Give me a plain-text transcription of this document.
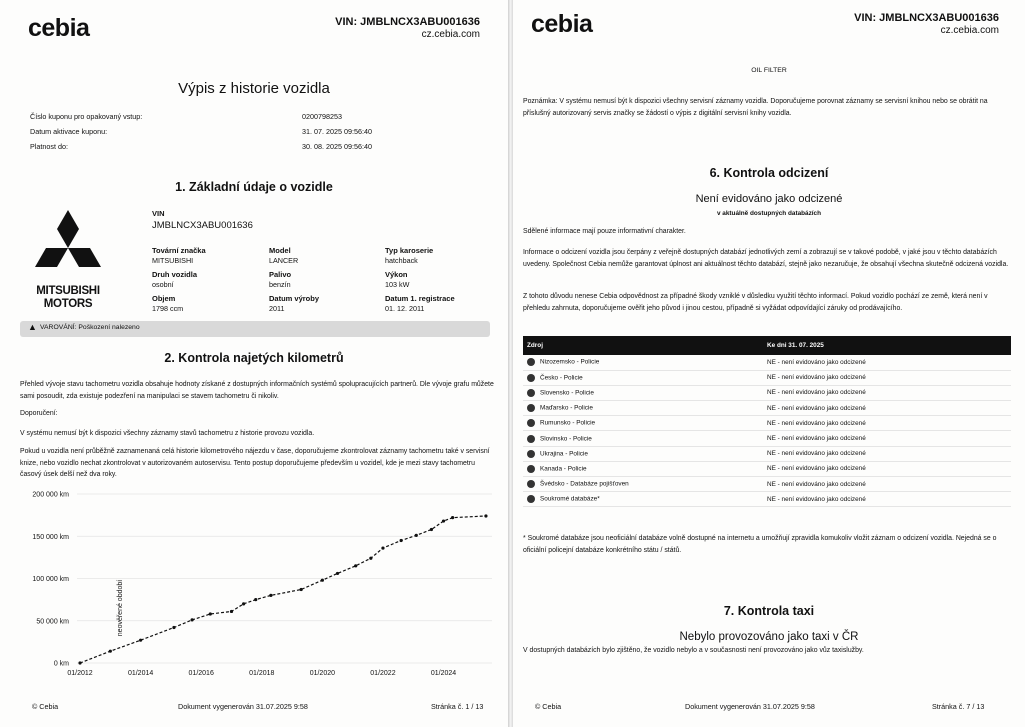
cebia	VIN: JMBLNCX3ABU001636
cz.cebia.com
Výpis z historie vozidla
Číslo kuponu pro opakovaný vstup:	0200798253
Datum aktivace kuponu:	31. 07. 2025 09:56:40
Platnost do:	30. 08. 2025 09:56:40
1. Základní údaje o vozidle
MITSUBISHI MOTORS
VIN
JMBLNCX3ABU001636
Tovární značka
MITSUBISHI
Model
LANCER
Typ karoserie
hatchback
Druh vozidla
osobní
Palivo
benzín
Výkon
103 kW
Objem
1798 ccm
Datum výroby
2011
Datum 1. registrace
01. 12. 2011
▲ VAROVÁNÍ: Poškození nalezeno
2. Kontrola najetých kilometrů
Přehled vývoje stavu tachometru vozidla obsahuje hodnoty získané z dostupných informačních systémů spolupracujících partnerů. Dle vývoje grafu můžete sami posoudit, zda existuje podezření na manipulaci se stavem tachometru či nikoliv.
Doporučení:
V systému nemusí být k dispozici všechny záznamy stavů tachometru z historie provozu vozidla.
Pokud u vozidla není průběžně zaznamenaná celá historie kilometrového nájezdu v čase, doporučujeme zkontrolovat záznamy tachometru také v servisní knize, nebo vozidlo nechat zkontrolovat v autorizovaném autoservisu. Tento postup doporučujeme především u vozidel, kde je mezi stavy tachometru časový úsek delší než dva roky.
0 km
50 000 km
100 000 km
150 000 km
200 000 km
01/2012	01/2014	01/2016	01/2018	01/2020	01/2022	01/2024
neověřené období
© Cebia	Dokument vygenerován 31.07.2025 9:58	Stránka č. 1 / 13
cebia	VIN: JMBLNCX3ABU001636
cz.cebia.com
OIL FILTER
Poznámka: V systému nemusí být k dispozici všechny servisní záznamy vozidla. Doporučujeme porovnat záznamy se servisní knihou nebo se obrátit na příslušný autorizovaný servis značky se žádostí o výpis z digitální servisní knihy vozidla.
6. Kontrola odcizení
Není evidováno jako odcizené
v aktuálně dostupných databázích
Sdělené informace mají pouze informativní charakter.
Informace o odcizení vozidla jsou čerpány z veřejně dostupných databází jednotlivých zemí a zobrazují se v takové podobě, v jaké jsou v těchto databázích uvedeny. Společnost Cebia nemůže garantovat úplnost ani aktuálnost těchto databází, stejně jako nezaručuje, že obsahují všechna skutečně odcizená vozidla.
Z tohoto důvodu nenese Cebia odpovědnost za případné škody vzniklé v důsledku využití těchto informací. Pokud vozidlo pochází ze země, která není v přehledu zahrnuta, doporučujeme ověřit jeho původ i jinou cestou, případně si vyžádat odpovídající záruky od prodávajícího.
Zdroj	Ke dni 31. 07. 2025
Nizozemsko - Policie	NE - není evidováno jako odcizené
Česko - Policie	NE - není evidováno jako odcizené
Slovensko - Policie	NE - není evidováno jako odcizené
Maďarsko - Policie	NE - není evidováno jako odcizené
Rumunsko - Policie	NE - není evidováno jako odcizené
Slovinsko - Policie	NE - není evidováno jako odcizené
Ukrajina - Policie	NE - není evidováno jako odcizené
Kanada - Policie	NE - není evidováno jako odcizené
Švédsko - Databáze pojišťoven	NE - není evidováno jako odcizené
Soukromé databáze*	NE - není evidováno jako odcizené
* Soukromé databáze jsou neoficiální databáze volně dostupné na internetu a umožňují zpravidla komukoliv vložit záznam o odcizení vozidla. Nejedná se o oficiální policejní databáze konkrétního státu / států.
7. Kontrola taxi
Nebylo provozováno jako taxi v ČR
V dostupných databázích bylo zjištěno, že vozidlo nebylo a v současnosti není provozováno jako vůz taxislužby.
© Cebia	Dokument vygenerován 31.07.2025 9:58	Stránka č. 7 / 13
